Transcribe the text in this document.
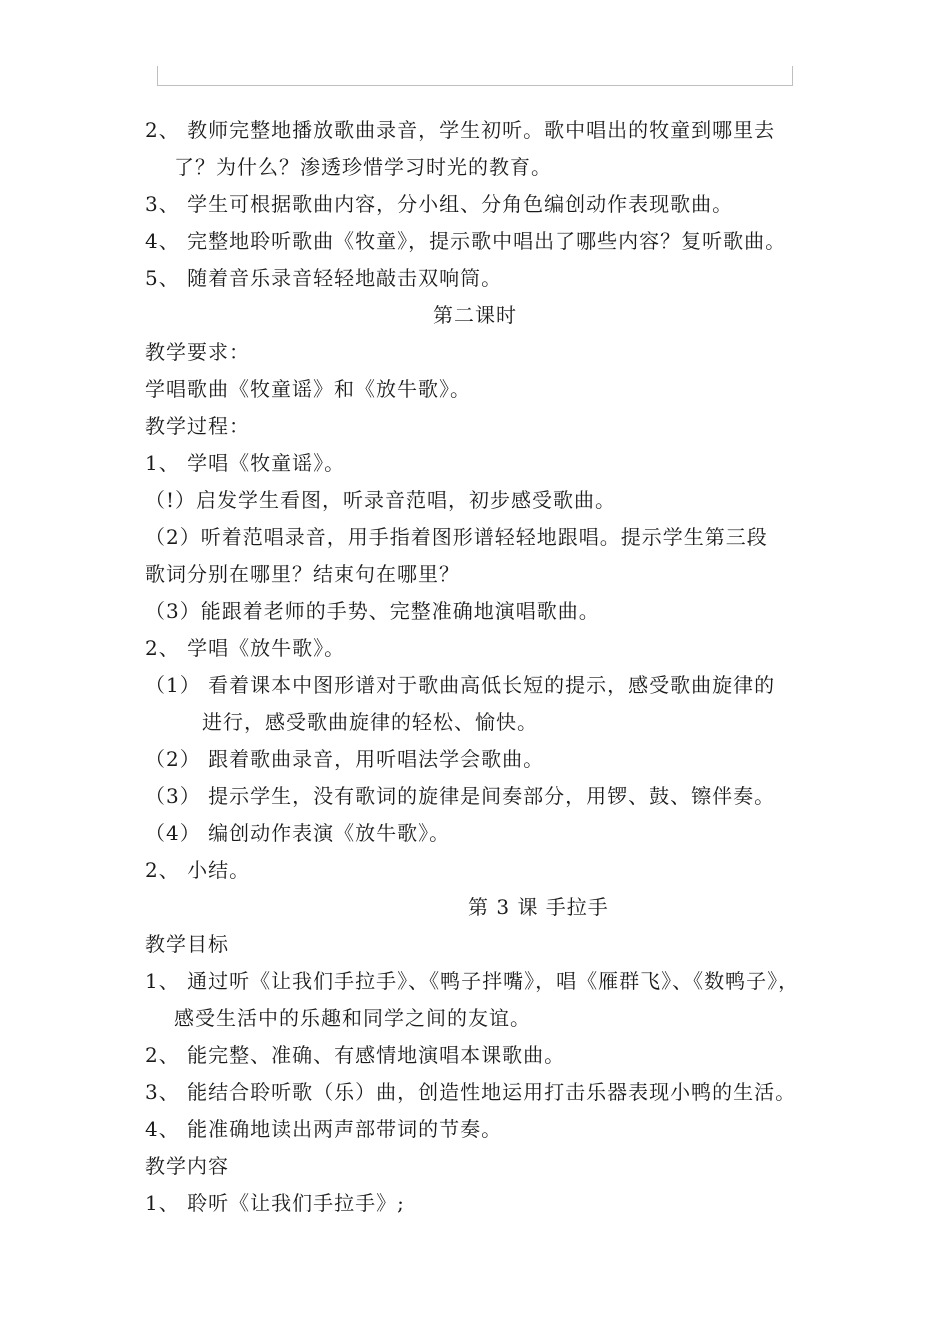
2、 教师完整地播放歌曲录音，学生初听。歌中唱出的牧童到哪里去
了？为什么？渗透珍惜学习时光的教育。
3、 学生可根据歌曲内容，分小组、分角色编创动作表现歌曲。
4、 完整地聆听歌曲《牧童》，提示歌中唱出了哪些内容？复听歌曲。
5、 随着音乐录音轻轻地敲击双响筒。
第二课时
教学要求：
学唱歌曲《牧童谣》和《放牛歌》。
教学过程：
1、 学唱《牧童谣》。
（!）启发学生看图，听录音范唱，初步感受歌曲。
（2）听着范唱录音，用手指着图形谱轻轻地跟唱。提示学生第三段
歌词分别在哪里？结束句在哪里？
（3）能跟着老师的手势、完整准确地演唱歌曲。
2、 学唱《放牛歌》。
（1） 看着课本中图形谱对于歌曲高低长短的提示，感受歌曲旋律的
进行，感受歌曲旋律的轻松、愉快。
（2） 跟着歌曲录音，用听唱法学会歌曲。
（3） 提示学生，没有歌词的旋律是间奏部分，用锣、鼓、镲伴奏。
（4） 编创动作表演《放牛歌》。
2、 小结。
第 3 课 手拉手
教学目标
1、 通过听《让我们手拉手》、《鸭子拌嘴》，唱《雁群飞》、《数鸭子》，
感受生活中的乐趣和同学之间的友谊。
2、 能完整、准确、有感情地演唱本课歌曲。
3、 能结合聆听歌（乐）曲，创造性地运用打击乐器表现小鸭的生活。
4、 能准确地读出两声部带词的节奏。
教学内容
1、 聆听《让我们手拉手》;
